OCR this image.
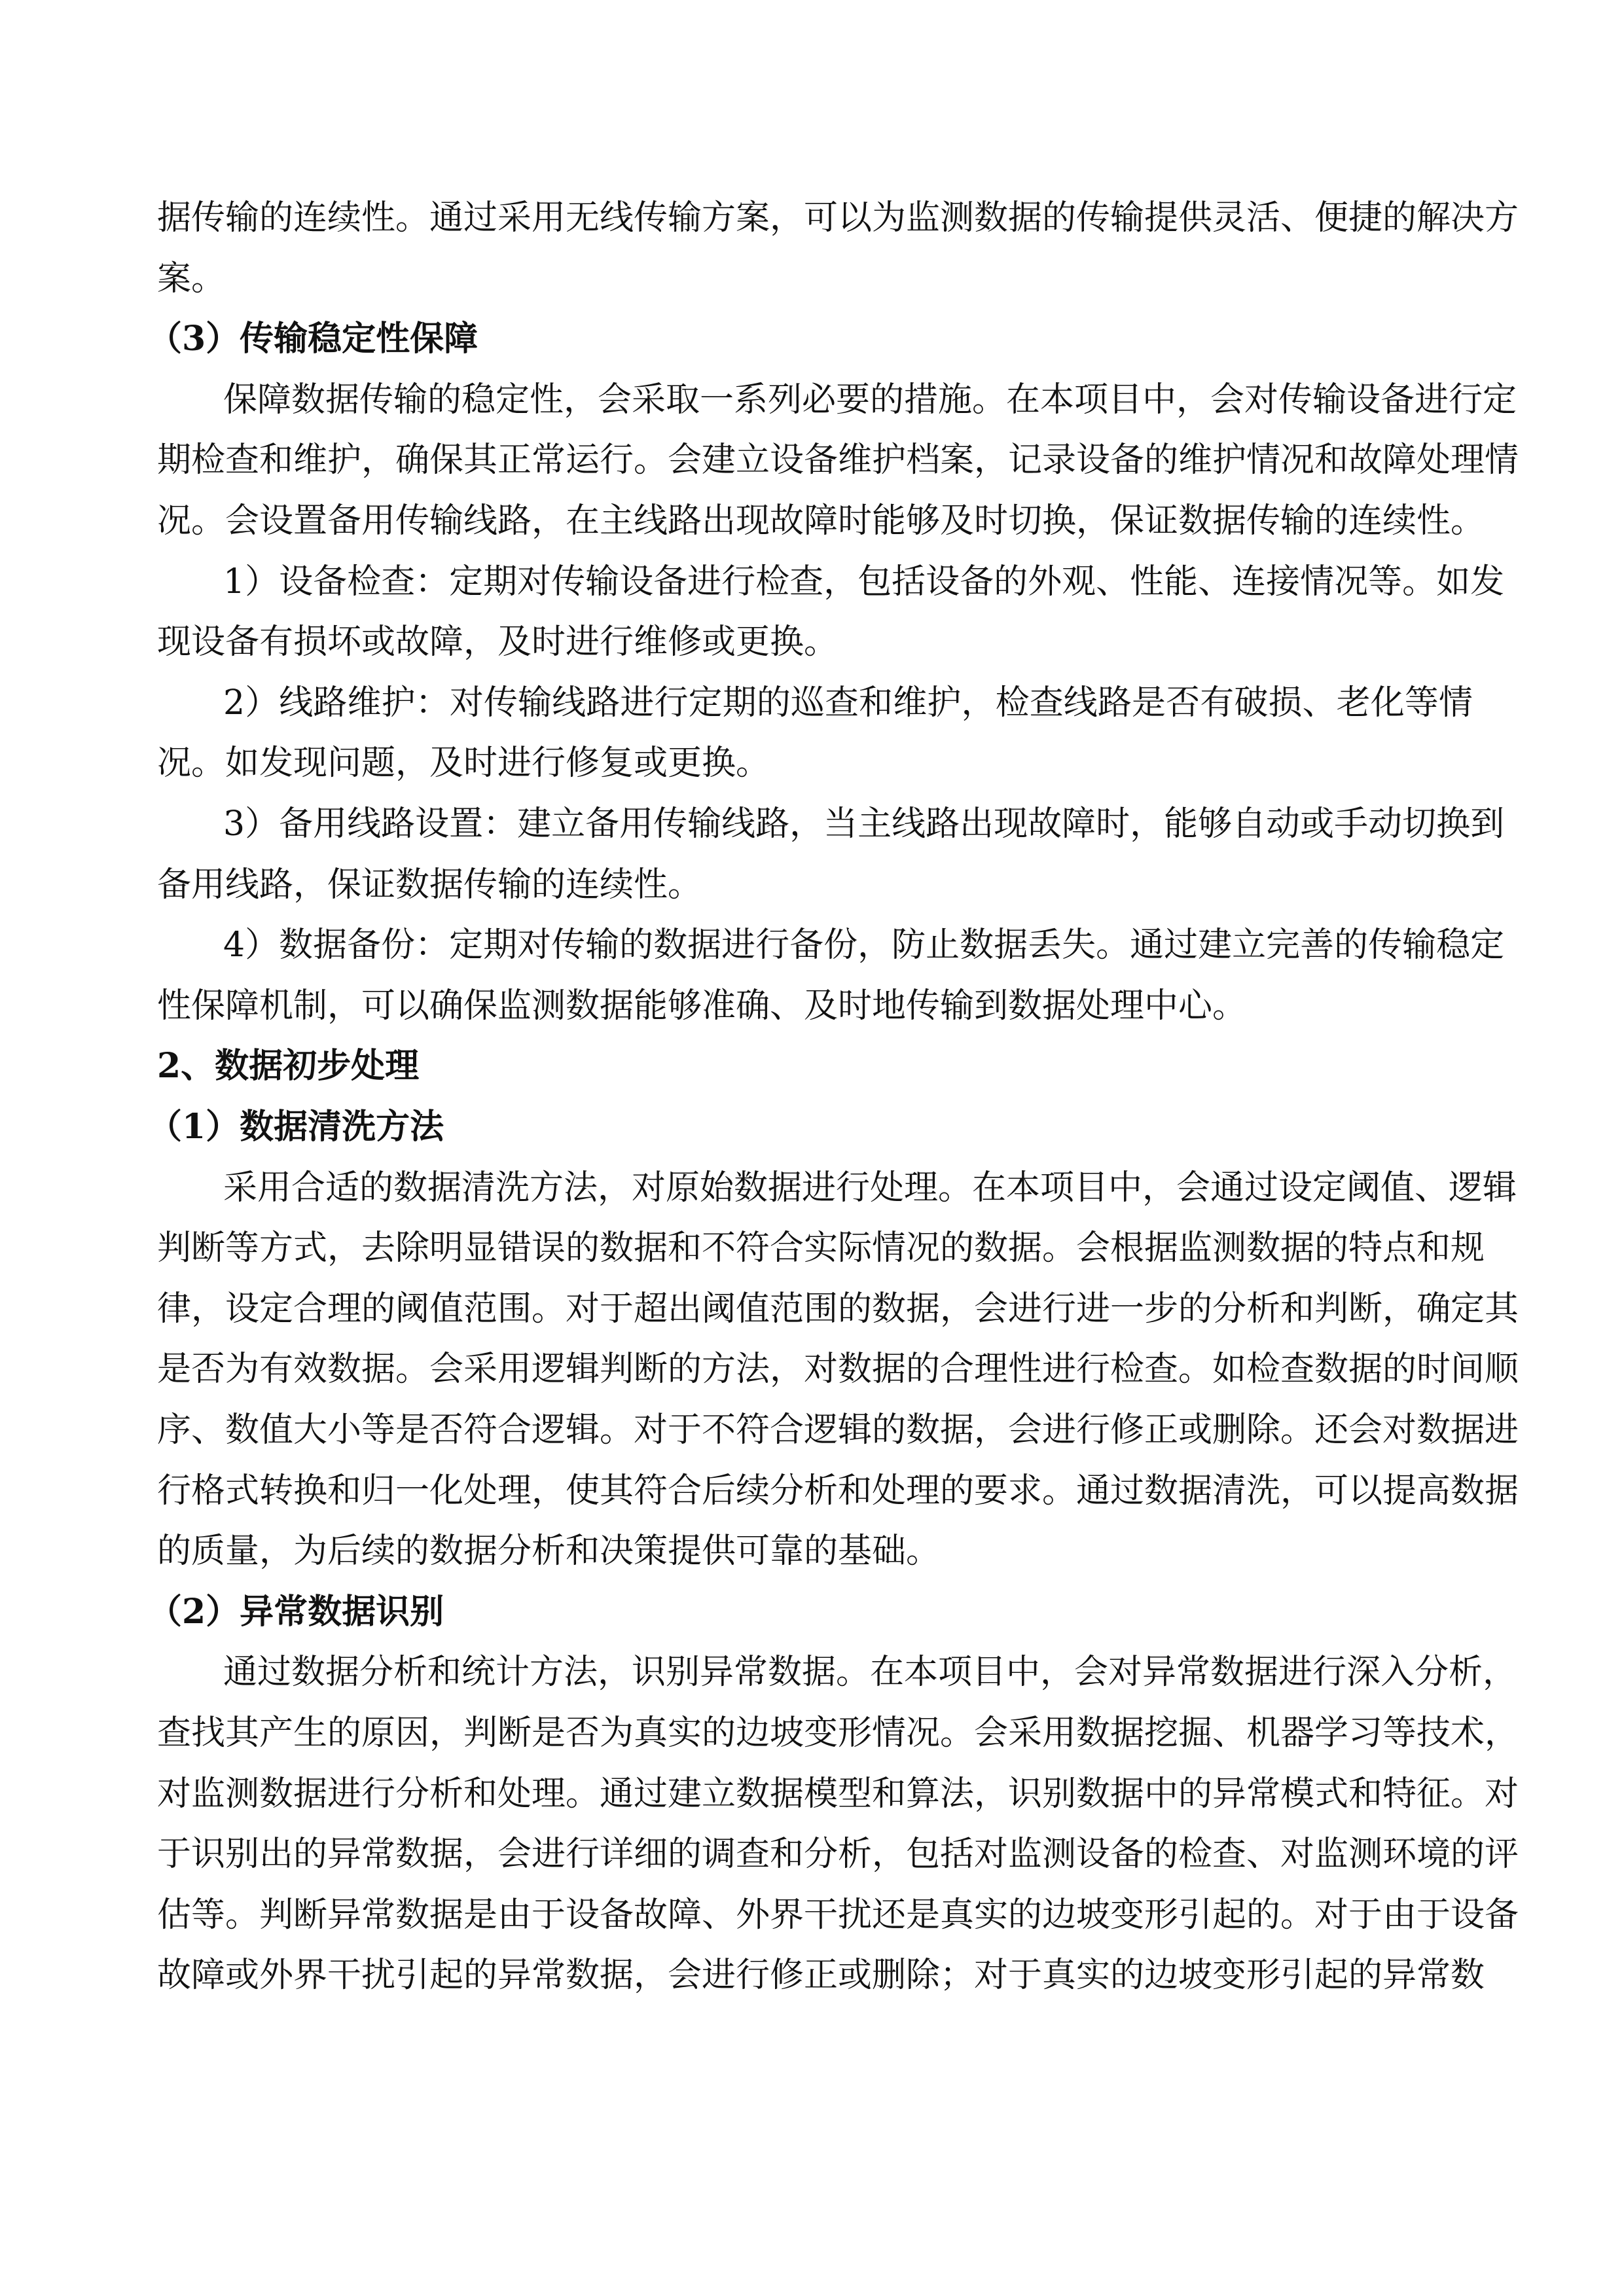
据传输的连续性。通过采用无线传输方案，可以为监测数据的传输提供灵活、便捷的解决方
案。
（3）传输稳定性保障
保障数据传输的稳定性，会采取一系列必要的措施。在本项目中，会对传输设备进行定
期检查和维护，确保其正常运行。会建立设备维护档案，记录设备的维护情况和故障处理情
况。会设置备用传输线路，在主线路出现故障时能够及时切换，保证数据传输的连续性。
1）设备检查：定期对传输设备进行检查，包括设备的外观、性能、连接情况等。如发
现设备有损坏或故障，及时进行维修或更换。
2）线路维护：对传输线路进行定期的巡查和维护，检查线路是否有破损、老化等情
况。如发现问题，及时进行修复或更换。
3）备用线路设置：建立备用传输线路，当主线路出现故障时，能够自动或手动切换到
备用线路，保证数据传输的连续性。
4）数据备份：定期对传输的数据进行备份，防止数据丢失。通过建立完善的传输稳定
性保障机制，可以确保监测数据能够准确、及时地传输到数据处理中心。
2、数据初步处理
（1）数据清洗方法
采用合适的数据清洗方法，对原始数据进行处理。在本项目中，会通过设定阈值、逻辑
判断等方式，去除明显错误的数据和不符合实际情况的数据。会根据监测数据的特点和规
律，设定合理的阈值范围。对于超出阈值范围的数据，会进行进一步的分析和判断，确定其
是否为有效数据。会采用逻辑判断的方法，对数据的合理性进行检查。如检查数据的时间顺
序、数值大小等是否符合逻辑。对于不符合逻辑的数据，会进行修正或删除。还会对数据进
行格式转换和归一化处理，使其符合后续分析和处理的要求。通过数据清洗，可以提高数据
的质量，为后续的数据分析和决策提供可靠的基础。
（2）异常数据识别
通过数据分析和统计方法，识别异常数据。在本项目中，会对异常数据进行深入分析，
查找其产生的原因，判断是否为真实的边坡变形情况。会采用数据挖掘、机器学习等技术，
对监测数据进行分析和处理。通过建立数据模型和算法，识别数据中的异常模式和特征。对
于识别出的异常数据，会进行详细的调查和分析，包括对监测设备的检查、对监测环境的评
估等。判断异常数据是由于设备故障、外界干扰还是真实的边坡变形引起的。对于由于设备
故障或外界干扰引起的异常数据，会进行修正或删除；对于真实的边坡变形引起的异常数
